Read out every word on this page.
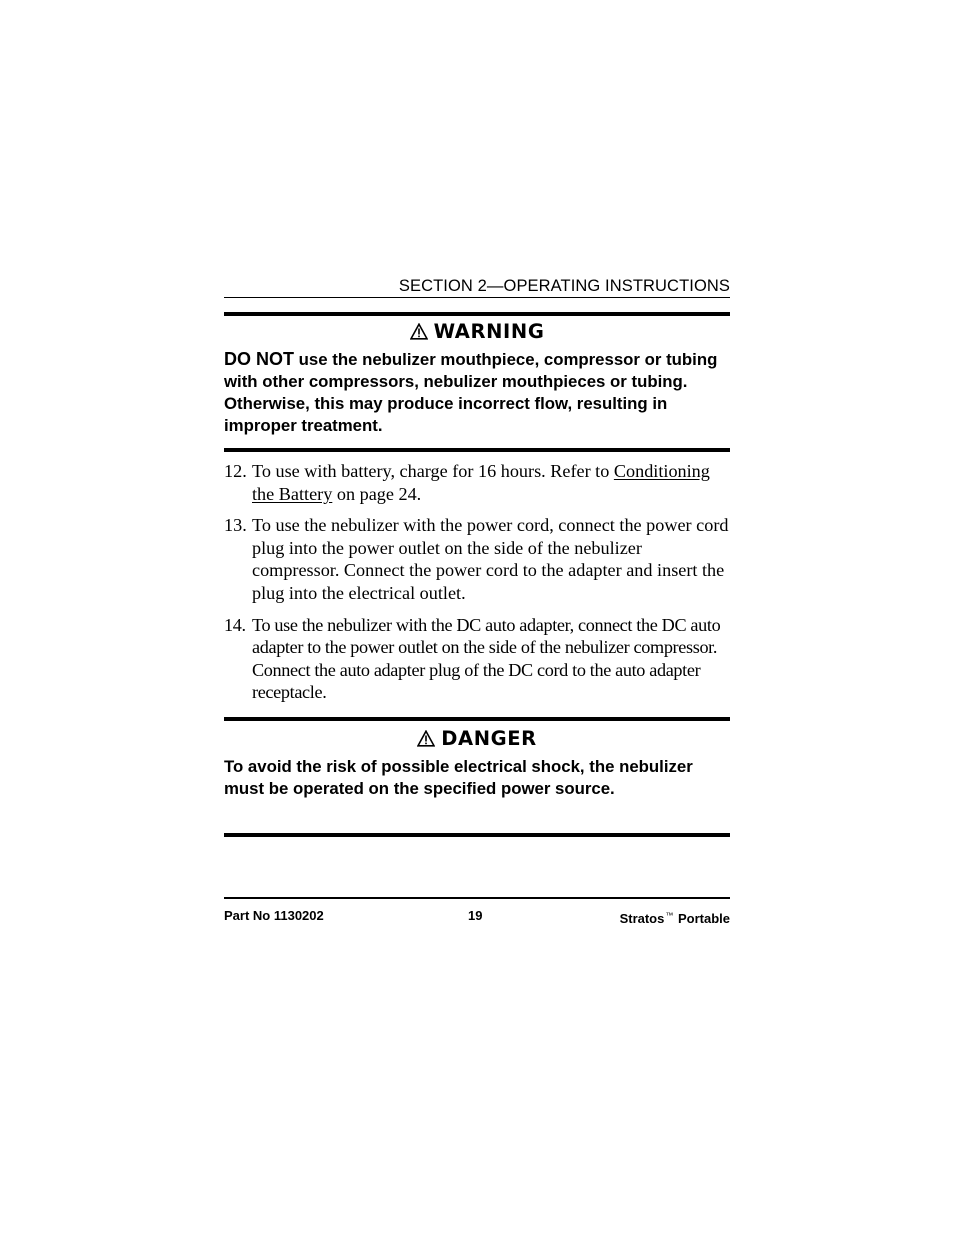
SECTION 2—OPERATING INSTRUCTIONS
WARNING
DO NOT use the nebulizer mouthpiece, compressor or tubing with other compressors, nebulizer mouthpieces or tubing. Otherwise, this may produce incorrect flow, resulting in improper treatment.
12. To use with battery, charge for 16 hours. Refer to Conditioning the Battery on page 24.
13. To use the nebulizer with the power cord, connect the power cord plug into the power outlet on the side of the nebulizer compressor. Connect the power cord to the adapter and insert the plug into the electrical outlet.
14. To use the nebulizer with the DC auto adapter, connect the DC auto adapter to the power outlet on the side of the nebulizer compressor. Connect the auto adapter plug of the DC cord to the auto adapter receptacle.
DANGER
To avoid the risk of possible electrical shock, the nebulizer must be operated on the specified power source.
Part No 1130202	19	Stratos™ Portable
